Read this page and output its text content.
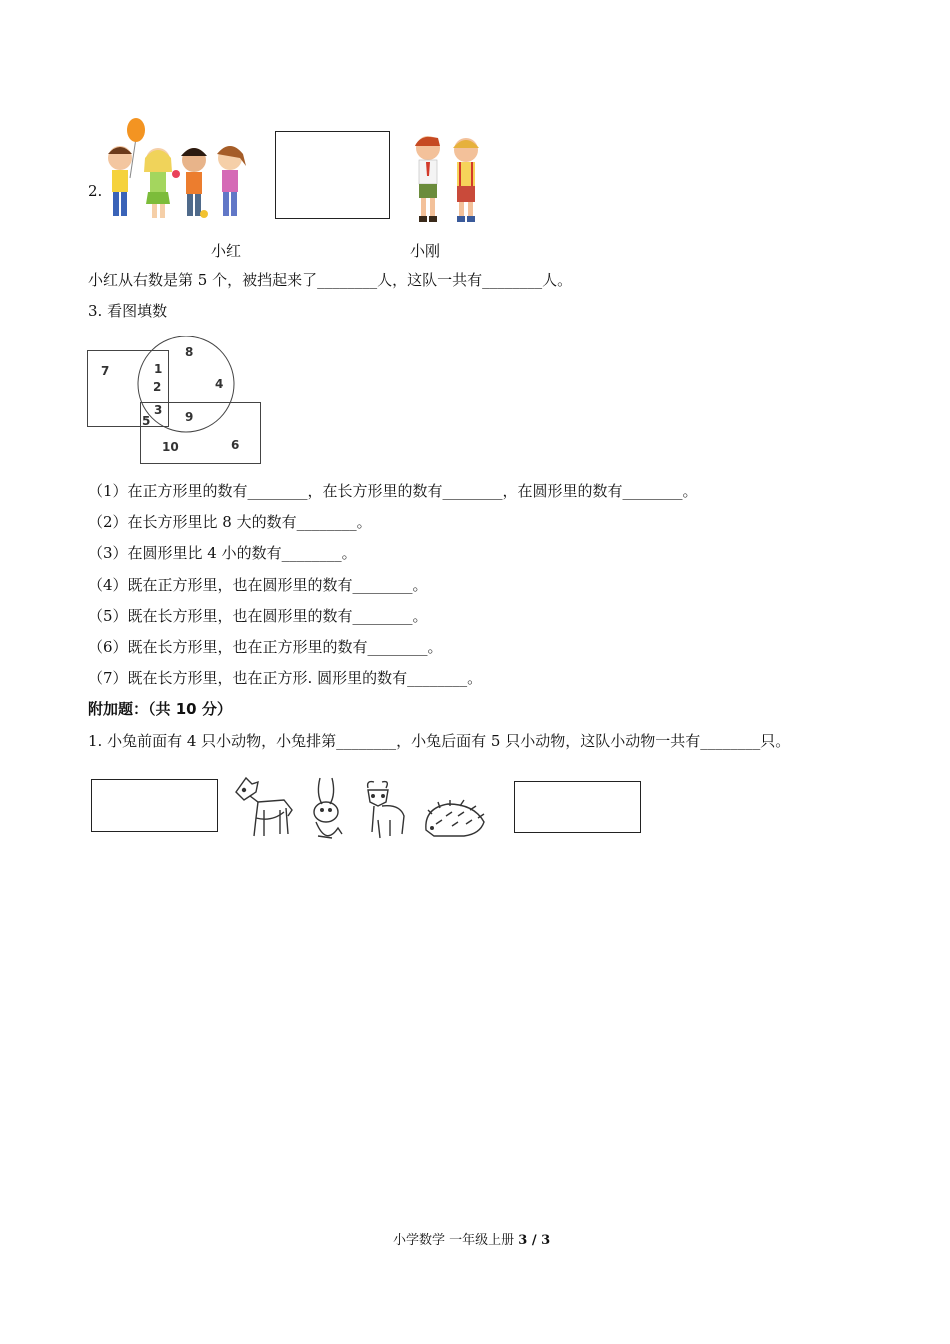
2.
小红	小刚
小红从右数是第 5 个，被挡起来了________人，这队一共有________人。
3. 看图填数
7	1
2
8
4
3
5	9
10	6
（1）在正方形里的数有________，在长方形里的数有________，在圆形里的数有________。
（2）在长方形里比 8 大的数有________。
（3）在圆形里比 4 小的数有________。
（4）既在正方形里，也在圆形里的数有________。
（5）既在长方形里，也在圆形里的数有________。
（6）既在长方形里，也在正方形里的数有________。
（7）既在长方形里，也在正方形. 圆形里的数有________。
附加题：（共 10 分）
1. 小兔前面有 4 只小动物，小兔排第________，小兔后面有 5 只小动物，这队小动物一共有________只。
小学数学 一年级上册 3 / 3
